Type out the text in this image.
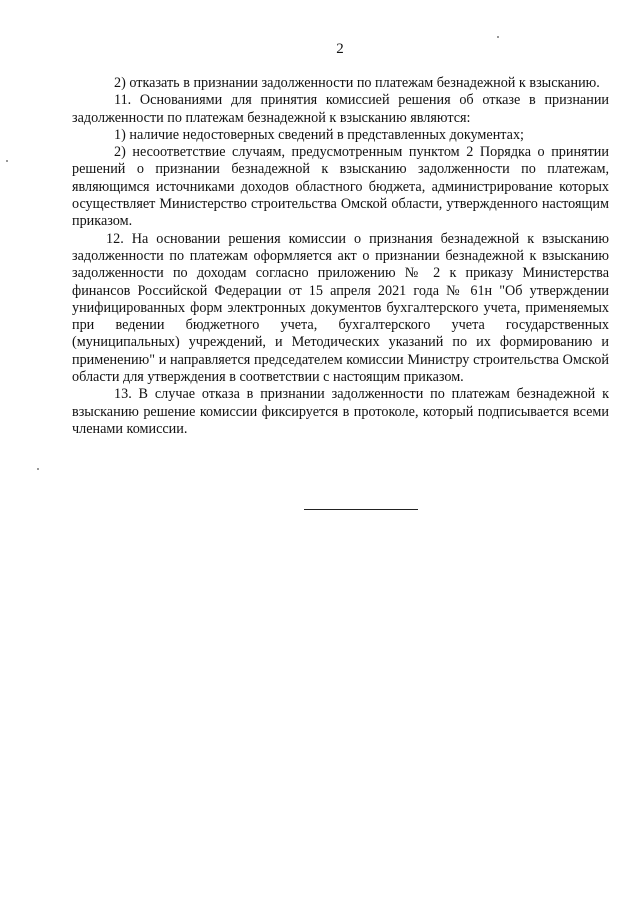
2

2) отказать в признании задолженности по платежам безнадежной к взысканию.

11. Основаниями для принятия комиссией решения об отказе в признании задолженности по платежам безнадежной к взысканию являются:

1) наличие недостоверных сведений в представленных документах;

2) несоответствие случаям, предусмотренным пунктом 2 Порядка о принятии решений о признании безнадежной к взысканию задолженности по платежам, являющимся источниками доходов областного бюджета, администрирование которых осуществляет Министерство строительства Омской области, утвержденного настоящим приказом.

12. На основании решения комиссии о признания безнадежной к взысканию задолженности по платежам оформляется акт о признании безнадежной к взысканию задолженности по доходам согласно приложению № 2 к приказу Министерства финансов Российской Федерации от 15 апреля 2021 года № 61н "Об утверждении унифицированных форм электронных документов бухгалтерского учета, применяемых при ведении бюджетного учета, бухгалтерского учета государственных (муниципальных) учреждений, и Методических указаний по их формированию и применению" и направляется председателем комиссии Министру строительства Омской области для утверждения в соответствии с настоящим приказом.

13. В случае отказа в признании задолженности по платежам безнадежной к взысканию решение комиссии фиксируется в протоколе, который подписывается всеми членами комиссии.
